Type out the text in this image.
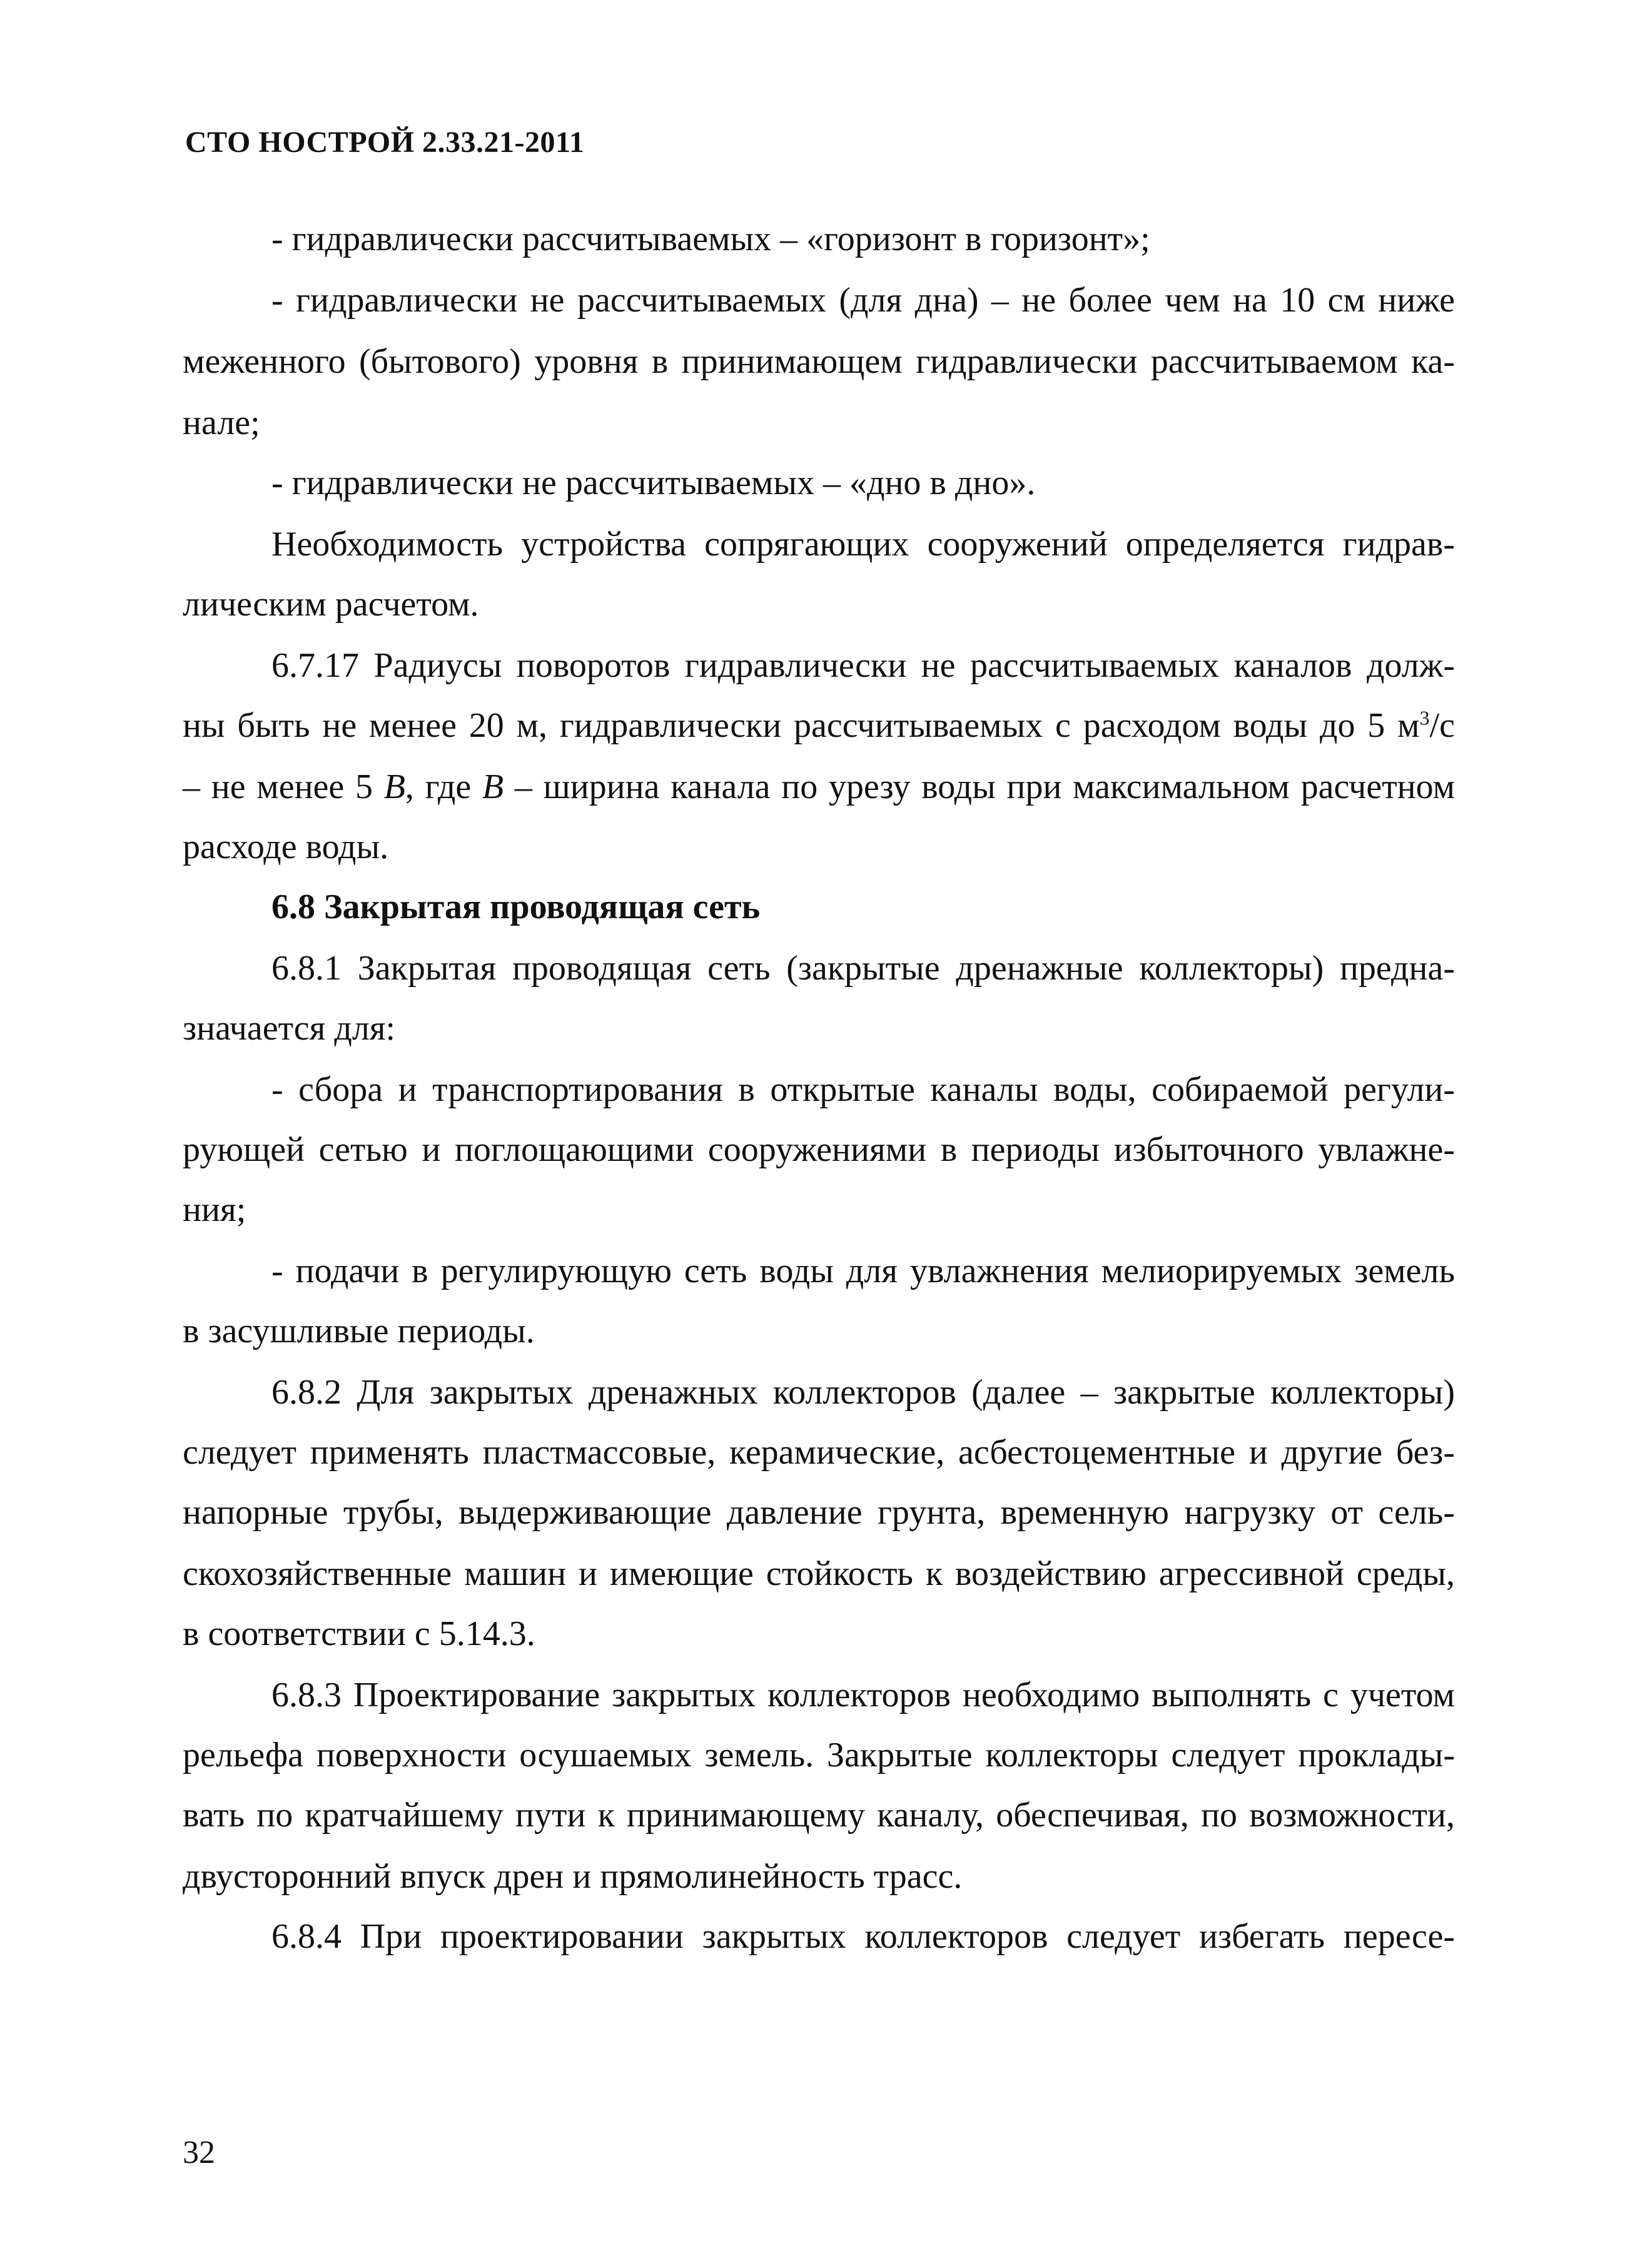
СТО НОСТРОЙ 2.33.21-2011
- гидравлически рассчитываемых – «горизонт в горизонт»;
- гидравлически не рассчитываемых (для дна) – не более чем на 10 см ниже
меженного (бытового) уровня в принимающем гидравлически рассчитываемом ка-
нале;
- гидравлически не рассчитываемых – «дно в дно».
Необходимость устройства сопрягающих сооружений определяется гидрав-
лическим расчетом.
6.7.17 Радиусы поворотов гидравлически не рассчитываемых каналов долж-
ны быть не менее 20 м, гидравлически рассчитываемых с расходом воды до 5 $м^3/с$
– не менее 5 B, где B – ширина канала по урезу воды при максимальном расчетном
расходе воды.
6.8 Закрытая проводящая сеть
6.8.1 Закрытая проводящая сеть (закрытые дренажные коллекторы) предна-
значается для:
- сбора и транспортирования в открытые каналы воды, собираемой регули-
рующей сетью и поглощающими сооружениями в периоды избыточного увлажне-
ния;
- подачи в регулирующую сеть воды для увлажнения мелиорируемых земель
в засушливые периоды.
6.8.2 Для закрытых дренажных коллекторов (далее – закрытые коллекторы)
следует применять пластмассовые, керамические, асбестоцементные и другие без-
напорные трубы, выдерживающие давление грунта, временную нагрузку от сель-
скохозяйственные машин и имеющие стойкость к воздействию агрессивной среды,
в соответствии с 5.14.3.
6.8.3 Проектирование закрытых коллекторов необходимо выполнять с учетом
рельефа поверхности осушаемых земель. Закрытые коллекторы следует проклады-
вать по кратчайшему пути к принимающему каналу, обеспечивая, по возможности,
двусторонний впуск дрен и прямолинейность трасс.
6.8.4 При проектировании закрытых коллекторов следует избегать пересе-
32
